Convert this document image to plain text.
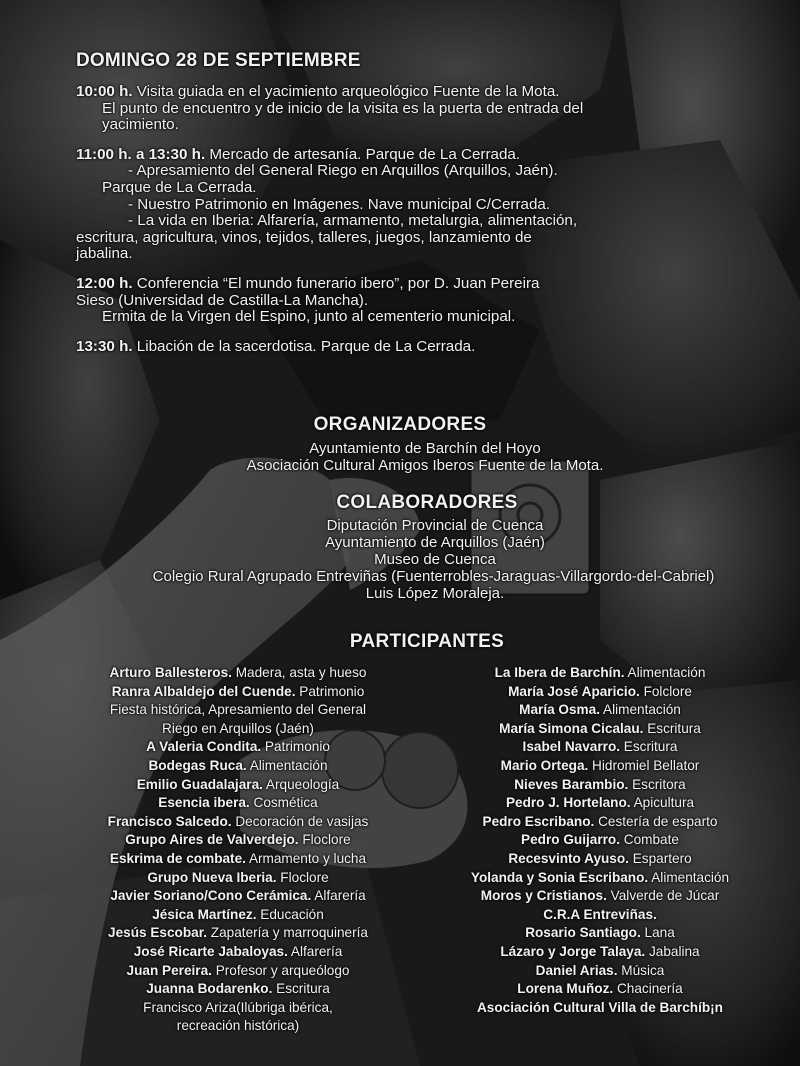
DOMINGO 28 DE SEPTIEMBRE
10:00 h. Visita guiada en el yacimiento arqueológico Fuente de la Mota.
El punto de encuentro y de inicio de la visita es la puerta de entrada del
yacimiento.
11:00 h. a 13:30 h. Mercado de artesanía. Parque de La Cerrada.
- Apresamiento del General Riego en Arquillos (Arquillos, Jaén).
Parque de La Cerrada.
- Nuestro Patrimonio en Imágenes. Nave municipal C/Cerrada.
- La vida en Iberia: Alfarería, armamento, metalurgia, alimentación,
escritura, agricultura, vinos, tejidos, talleres, juegos, lanzamiento de
jabalina.
12:00 h. Conferencia “El mundo funerario ibero”, por D. Juan Pereira
Sieso (Universidad de Castilla-La Mancha).
Ermita de la Virgen del Espino, junto al cementerio municipal.
13:30 h. Libación de la sacerdotisa. Parque de La Cerrada.
ORGANIZADORES
Ayuntamiento de Barchín del Hoyo
Asociación Cultural Amigos Iberos Fuente de la Mota.
COLABORADORES
Diputación Provincial de Cuenca
Ayuntamiento de Arquillos (Jaén)
Museo de Cuenca
Colegio Rural Agrupado Entreviñas (Fuenterrobles-Jaraguas-Villargordo-del-Cabriel)
Luis López Moraleja.
PARTICIPANTES
Arturo Ballesteros. Madera, asta y hueso
Ranra Albaldejo del Cuende. Patrimonio
Fiesta histórica, Apresamiento del General
Riego en Arquillos (Jaén)
A Valeria Condita. Patrimonio
Bodegas Ruca. Alimentación
Emilio Guadalajara. Arqueología
Esencia ibera. Cosmética
Francisco Salcedo. Decoración de vasijas
Grupo Aires de Valverdejo. Floclore
Eskrima de combate. Armamento y lucha
Grupo Nueva Iberia. Floclore
Javier Soriano/Cono Cerámica. Alfarería
Jésica Martínez. Educación
Jesús Escobar. Zapatería y marroquinería
José Ricarte Jabaloyas. Alfarería
Juan Pereira. Profesor y arqueólogo
Juanna Bodarenko. Escritura
Francisco Ariza(Ilúbriga ibérica,
recreación histórica)
La Ibera de Barchín. Alimentación
María José Aparicio. Folclore
María Osma. Alimentación
María Simona Cicalau. Escritura
Isabel Navarro. Escritura
Mario Ortega. Hidromiel Bellator
Nieves Barambio. Escritora
Pedro J. Hortelano. Apicultura
Pedro Escribano. Cestería de esparto
Pedro Guijarro. Combate
Recesvinto Ayuso. Espartero
Yolanda y Sonia Escribano. Alimentación
Moros y Cristianos. Valverde de Júcar
C.R.A Entreviñas.
Rosario Santiago. Lana
Lázaro y Jorge Talaya. Jabalina
Daniel Arias. Música
Lorena Muñoz. Chacinería
Asociación Cultural Villa de Barchíb¡n
